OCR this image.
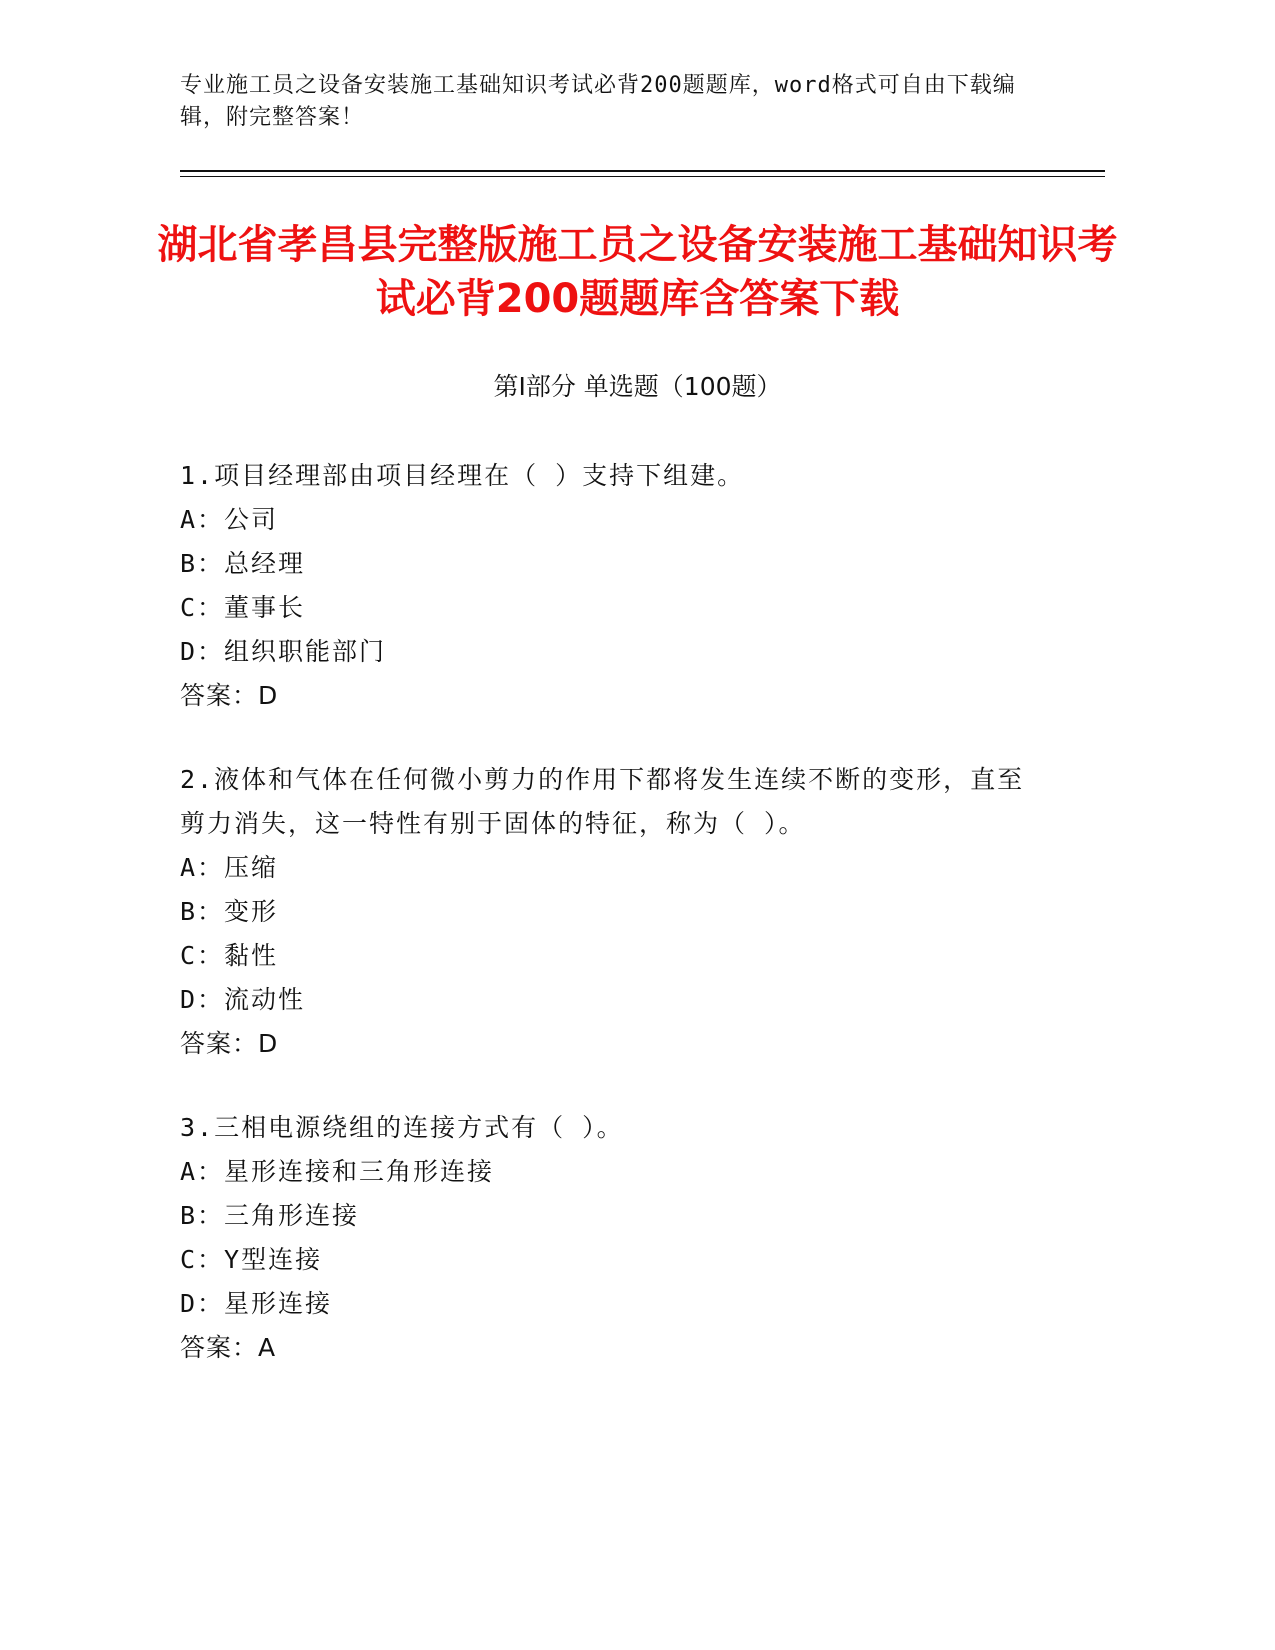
专业施工员之设备安装施工基础知识考试必背200题题库，word格式可自由下载编辑，附完整答案！
湖北省孝昌县完整版施工员之设备安装施工基础知识考试必背200题题库含答案下载
第Ⅰ部分 单选题（100题）
1.项目经理部由项目经理在（ ）支持下组建。
A：公司
B：总经理
C：董事长
D：组织职能部门
答案：D
2.液体和气体在任何微小剪力的作用下都将发生连续不断的变形，直至剪力消失，这一特性有别于固体的特征，称为（ ）。
A：压缩
B：变形
C：黏性
D：流动性
答案：D
3.三相电源绕组的连接方式有（ ）。
A：星形连接和三角形连接
B：三角形连接
C：Y型连接
D：星形连接
答案：A
